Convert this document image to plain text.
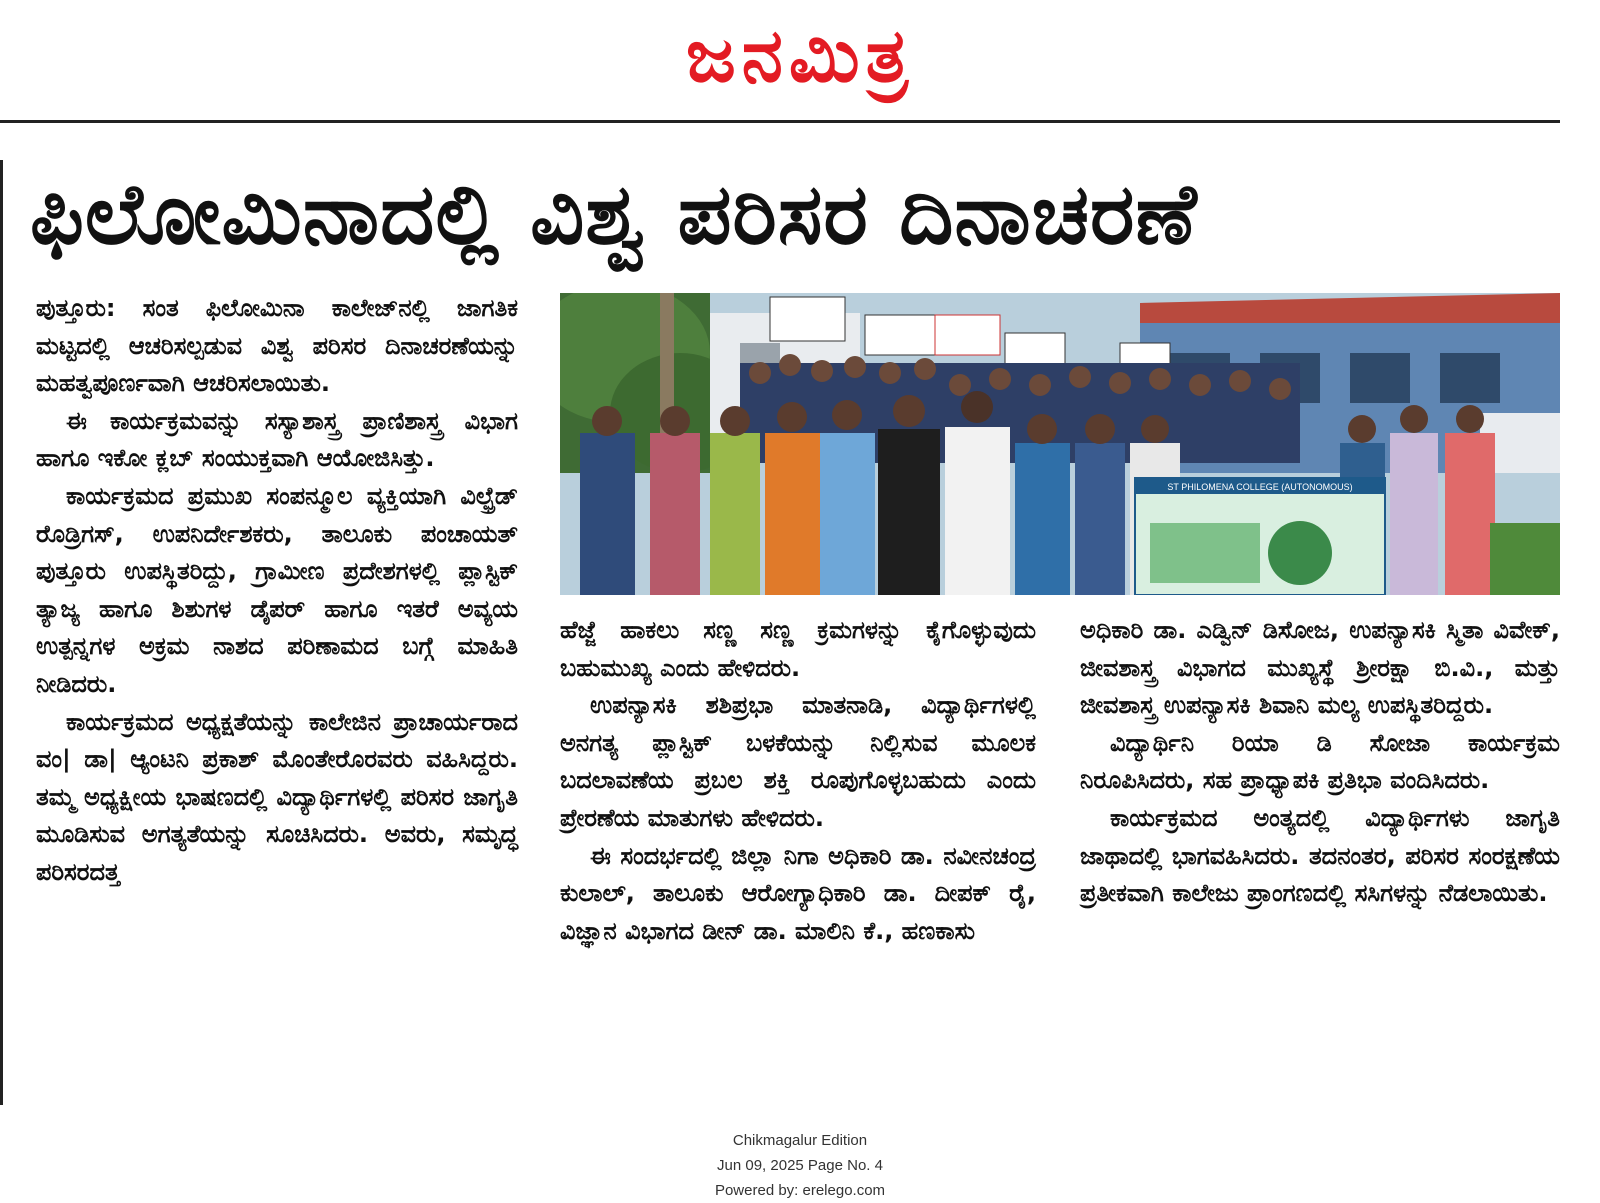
ಜನಮಿತ್ರ
ಫಿಲೋಮಿನಾದಲ್ಲಿ ವಿಶ್ವ ಪರಿಸರ ದಿನಾಚರಣೆ

ಪುತ್ತೂರು: ಸಂತ ಫಿಲೋಮಿನಾ ಕಾಲೇಜ್‌ನಲ್ಲಿ ಜಾಗತಿಕ ಮಟ್ಟದಲ್ಲಿ ಆಚರಿಸಲ್ಪಡುವ ವಿಶ್ವ ಪರಿಸರ ದಿನಾಚರಣೆಯನ್ನು ಮಹತ್ವಪೂರ್ಣವಾಗಿ ಆಚರಿಸಲಾಯಿತು.

ಈ ಕಾರ್ಯಕ್ರಮವನ್ನು ಸಸ್ಯಾಶಾಸ್ತ್ರ ಪ್ರಾಣಿಶಾಸ್ತ್ರ ವಿಭಾಗ ಹಾಗೂ ಇಕೋ ಕ್ಲಬ್ ಸಂಯುಕ್ತವಾಗಿ ಆಯೋಜಿಸಿತ್ತು.

ಕಾರ್ಯಕ್ರಮದ ಪ್ರಮುಖ ಸಂಪನ್ಮೂಲ ವ್ಯಕ್ತಿಯಾಗಿ ವಿಲ್ಫ್ರೆಡ್ ರೊಡ್ರಿಗಸ್, ಉಪನಿರ್ದೇಶಕರು, ತಾಲೂಕು ಪಂಚಾಯತ್ ಪುತ್ತೂರು ಉಪಸ್ಥಿತರಿದ್ದು, ಗ್ರಾಮೀಣ ಪ್ರದೇಶಗಳಲ್ಲಿ ಪ್ಲಾಸ್ಟಿಕ್ ತ್ಯಾಜ್ಯ ಹಾಗೂ ಶಿಶುಗಳ ಡೈಪರ್ ಹಾಗೂ ಇತರೆ ಅವ್ಯಯ ಉತ್ಪನ್ನಗಳ ಅಕ್ರಮ ನಾಶದ ಪರಿಣಾಮದ ಬಗ್ಗೆ ಮಾಹಿತಿ ನೀಡಿದರು.

ಕಾರ್ಯಕ್ರಮದ ಅಧ್ಯಕ್ಷತೆಯನ್ನು ಕಾಲೇಜಿನ ಪ್ರಾಚಾರ್ಯರಾದ ವಂ| ಡಾ| ಆ್ಯಂಟನಿ ಪ್ರಕಾಶ್ ಮೊಂತೇರೊರವರು ವಹಿಸಿದ್ದರು. ತಮ್ಮ ಅಧ್ಯಕ್ಷೀಯ ಭಾಷಣದಲ್ಲಿ ವಿದ್ಯಾರ್ಥಿಗಳಲ್ಲಿ ಪರಿಸರ ಜಾಗೃತಿ ಮೂಡಿಸುವ ಅಗತ್ಯತೆಯನ್ನು ಸೂಚಿಸಿದರು. ಅವರು, ಸಮೃದ್ಧ ಪರಿಸರದತ್ತ

ST PHILOMENA COLLEGE (AUTONOMOUS)

ಹೆಜ್ಜೆ ಹಾಕಲು ಸಣ್ಣ ಸಣ್ಣ ಕ್ರಮಗಳನ್ನು ಕೈಗೊಳ್ಳುವುದು ಬಹುಮುಖ್ಯ ಎಂದು ಹೇಳಿದರು.

ಉಪನ್ಯಾಸಕಿ ಶಶಿಪ್ರಭಾ ಮಾತನಾಡಿ, ವಿದ್ಯಾರ್ಥಿಗಳಲ್ಲಿ ಅನಗತ್ಯ ಪ್ಲಾಸ್ಟಿಕ್ ಬಳಕೆಯನ್ನು ನಿಲ್ಲಿಸುವ ಮೂಲಕ ಬದಲಾವಣೆಯ ಪ್ರಬಲ ಶಕ್ತಿ ರೂಪುಗೊಳ್ಳಬಹುದು ಎಂದು ಪ್ರೇರಣೆಯ ಮಾತುಗಳು ಹೇಳಿದರು.

ಈ ಸಂದರ್ಭದಲ್ಲಿ ಜಿಲ್ಲಾ ನಿಗಾ ಅಧಿಕಾರಿ ಡಾ. ನವೀನಚಂದ್ರ ಕುಲಾಲ್, ತಾಲೂಕು ಆರೋಗ್ಯಾಧಿಕಾರಿ ಡಾ. ದೀಪಕ್ ರೈ, ವಿಜ್ಞಾನ ವಿಭಾಗದ ಡೀನ್ ಡಾ. ಮಾಲಿನಿ ಕೆ., ಹಣಕಾಸು

ಅಧಿಕಾರಿ ಡಾ. ಎಡ್ವಿನ್ ಡಿಸೋಜ, ಉಪನ್ಯಾಸಕಿ ಸ್ಮಿತಾ ವಿವೇಕ್, ಜೀವಶಾಸ್ತ್ರ ವಿಭಾಗದ ಮುಖ್ಯಸ್ಥೆ ಶ್ರೀರಕ್ಷಾ ಬಿ.ವಿ., ಮತ್ತು ಜೀವಶಾಸ್ತ್ರ ಉಪನ್ಯಾಸಕಿ ಶಿವಾನಿ ಮಲ್ಯ ಉಪಸ್ಥಿತರಿದ್ದರು.

ವಿದ್ಯಾರ್ಥಿನಿ ರಿಯಾ ಡಿ ಸೋಜಾ ಕಾರ್ಯಕ್ರಮ ನಿರೂಪಿಸಿದರು, ಸಹ ಪ್ರಾಧ್ಯಾಪಕಿ ಪ್ರತಿಭಾ ವಂದಿಸಿದರು.

ಕಾರ್ಯಕ್ರಮದ ಅಂತ್ಯದಲ್ಲಿ ವಿದ್ಯಾರ್ಥಿಗಳು ಜಾಗೃತಿ ಜಾಥಾದಲ್ಲಿ ಭಾಗವಹಿಸಿದರು. ತದನಂತರ, ಪರಿಸರ ಸಂರಕ್ಷಣೆಯ ಪ್ರತೀಕವಾಗಿ ಕಾಲೇಜು ಪ್ರಾಂಗಣದಲ್ಲಿ ಸಸಿಗಳನ್ನು ನೆಡಲಾಯಿತು.

Chikmagalur Edition
Jun 09, 2025 Page No. 4
Powered by: erelego.com
